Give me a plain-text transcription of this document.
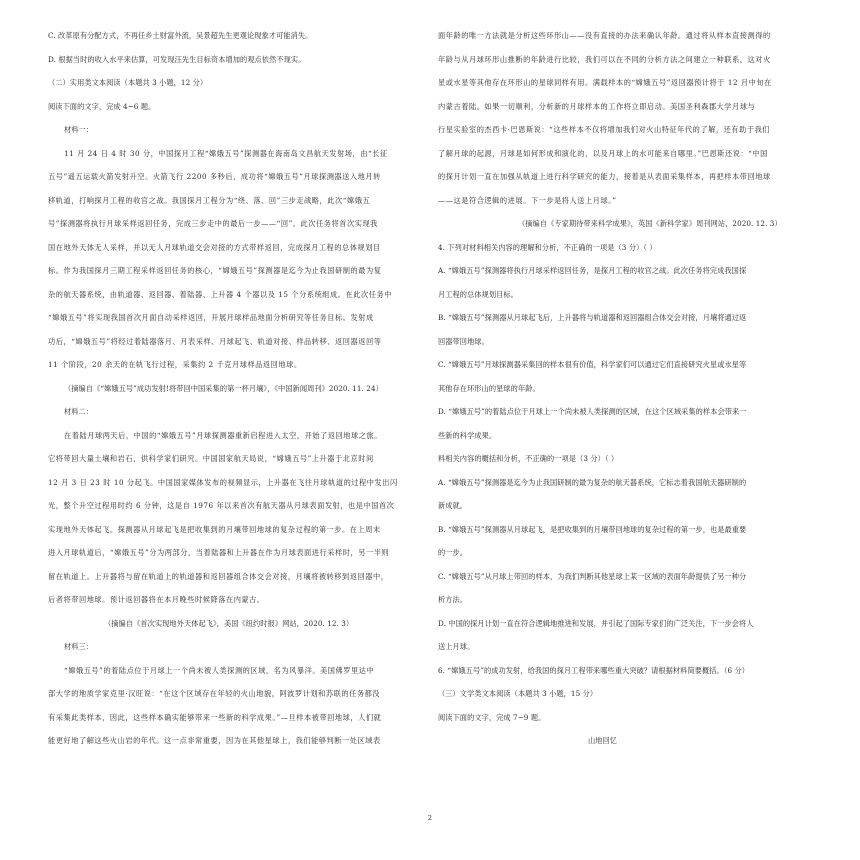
C. 改革原有分配方式，不再任乡土财富外流，吴景超先生更观论现象才可能消失。
D. 根据当时的收入水平来估算，可发现汪先生目标资本增加的观点依然不现实。
（二）实用类文本阅读（本题共 3 小题，12 分）
阅读下面的文字，完成 4~6 题。
材料一：
11 月 24 日 4 时 30 分，中国探月工程“嫦娥五号”探测器在海南岛文昌航天发射场，由“长征
五号”遥五运载火箭发射升空。火箭飞行 2200 多秒后，成功将“嫦娥五号”月球探测器送入地月转
移轨道，打响探月工程的收官之战。我国探月工程分为“绕、落、回”三步走战略，此次“嫦娥五
号”探测器将执行月球采样返回任务，完成三步走中的最后一步——“回”。此次任务将首次实现我
国在地外天体无人采样，并以无人月球轨道交会对接的方式带样返回，完成探月工程的总体规划目
标。作为我国探月三期工程采样返回任务的核心，“嫦娥五号”探测器是迄今为止我国研制的最为复
杂的航天器系统，由轨道器、返回器、着陆器、上升器 4 个器以及 15 个分系统组成。在此次任务中
“嫦娥五号”将实现我国首次月面自动采样返回，开展月球样品地面分析研究等任务目标。发射成
功后，“嫦娥五号”将经过着陆器落月、月表采样、月球起飞、轨道对接、样品转移、返回器返回等
11 个阶段，20 余天的在轨飞行过程，采集约 2 千克月球样品返回地球。
（摘编自《“嫦娥五号”成功发射!将带回中国采集的第一杯月壤》，《中国新闻周刊》2020. 11. 24）
材料二：
在着陆月球两天后，中国的“嫦娥五号”月球探测器重新启程进入太空，开始了返回地球之旅。
它将带回大量土壤和岩石，供科学家们研究。中国国家航天局说，“嫦娥五号”上升器于北京时间
12 月 3 日 23 时 10 分起飞。中国国家媒体发布的视频显示，上升器在飞往月球轨道的过程中发出闪
光，整个升空过程用时约 6 分钟，这是自 1976 年以来首次有航天器从月球表面发射，也是中国首次
实现地外天体起飞。探测器从月球起飞是把收集到的月壤带回地球的复杂过程的第一步。在上周末
进入月球轨道后，“嫦娥五号”分为两部分，当着陆器和上升器在作为月球表面进行采样时，另一半则
留在轨道上。上升器将与留在轨道上的轨道器和返回器组合体交会对接，月壤将被转移到返回器中，
后者将带回地球。预计返回器将在本月晚些时候降落在内蒙古。
（摘编自《首次实现地外天体起飞》，美国《纽约时报》网站，2020. 12. 3）
材料三：
“嫦娥五号”的着陆点位于月球上一个尚未被人类探测的区域，名为风暴洋。美国佛罗里达中
部大学的地质学家克里·汉旺说：“在这个区域存在年轻的火山地貌，阿波罗计划和苏联的任务都没
有采集此类样本，因此，这些样本确实能够带来一些新的科学成果。”—旦样本被带回地球，人们就
能更好地了解这些火山岩的年代。这一点非常重要，因为在其他星球上，我们能够判断一处区域表
面年龄的唯一方法就是分析这些环形山——没有直接的办法来确认年龄。通过将从样本直接测得的
年龄与从月球环形山推断的年龄进行比较，我们可以在不同的分析方法之间建立一种联系，这对火
星或水星等其他存在环形山的星球同样有用。满载样本的“嫦娥五号”返回器预计将于 12 月中旬在
内蒙古着陆。如果一切顺利，分析新的月球样本的工作将立即启动。美国圣利森郡大学月球与
行星实验室的杰西卡·巴恩斯说：“这些样本不仅将增加我们对火山特征年代的了解，还有助于我们
了解月球的起源，月球是如何形成和演化的，以及月球上的水可能来自哪里。”巴恩斯还说：“中国
的探月计划一直在加强从轨道上进行科学研究的能力，接着是从表面采集样本，再把样本带回地球
——这是符合逻辑的进展。下一步是将人送上月球。”
（摘编自《专家期待带来科学成果》，英国《新科学家》周刊网站，2020. 12. 3）
4. 下列对材料相关内容的理解和分析，不正确的一项是（3 分）（ ）
A. “嫦娥五号”探测器将执行月球采样返回任务，是探月工程的收官之战。此次任务将完成我国探
月工程的总体规划目标。
B. “嫦娥五号”探测器从月球起飞后，上升器将与轨道器和返回器组合体交会对接，月壤将通过返
回器带回地球。
C. “嫦娥五号”月球探测器采集回的样本很有价值，科学家们可以通过它们直接研究火星或水星等
其他存在环形山的星球的年龄。
D. “嫦娥五号”的着陆点位于月球上一个尚未被人类探测的区域，在这个区域采集的样本会带来一
些新的科学成果。
料相关内容的概括和分析，不正确的一项是（3 分）（ ）
A. “嫦娥五号”探测器是迄今为止我国研制的最为复杂的航天器系统，它标志着我国航天器研制的
新成就。
B. “嫦娥五号”探测器从月球起飞，是把收集到的月壤带回地球的复杂过程的第一步，也是最重要
的一步。
C. “嫦娥五号”从月球上带回的样本，为我们判断其他星球上某一区域的表面年龄提供了另一种分
析方法。
D. 中国的探月计划一直在符合逻辑地推进和发展，并引起了国际专家们的广泛关注，下一步会将人
送上月球。
6. “嫦娥五号”的成功发射，给我国的探月工程带来哪些重大突破？请根据材料简要概括。（6 分）
（三）文学类文本阅读（本题共 3 小题，15 分）
阅读下面的文字，完成 7~9 题。
山地回忆
2
